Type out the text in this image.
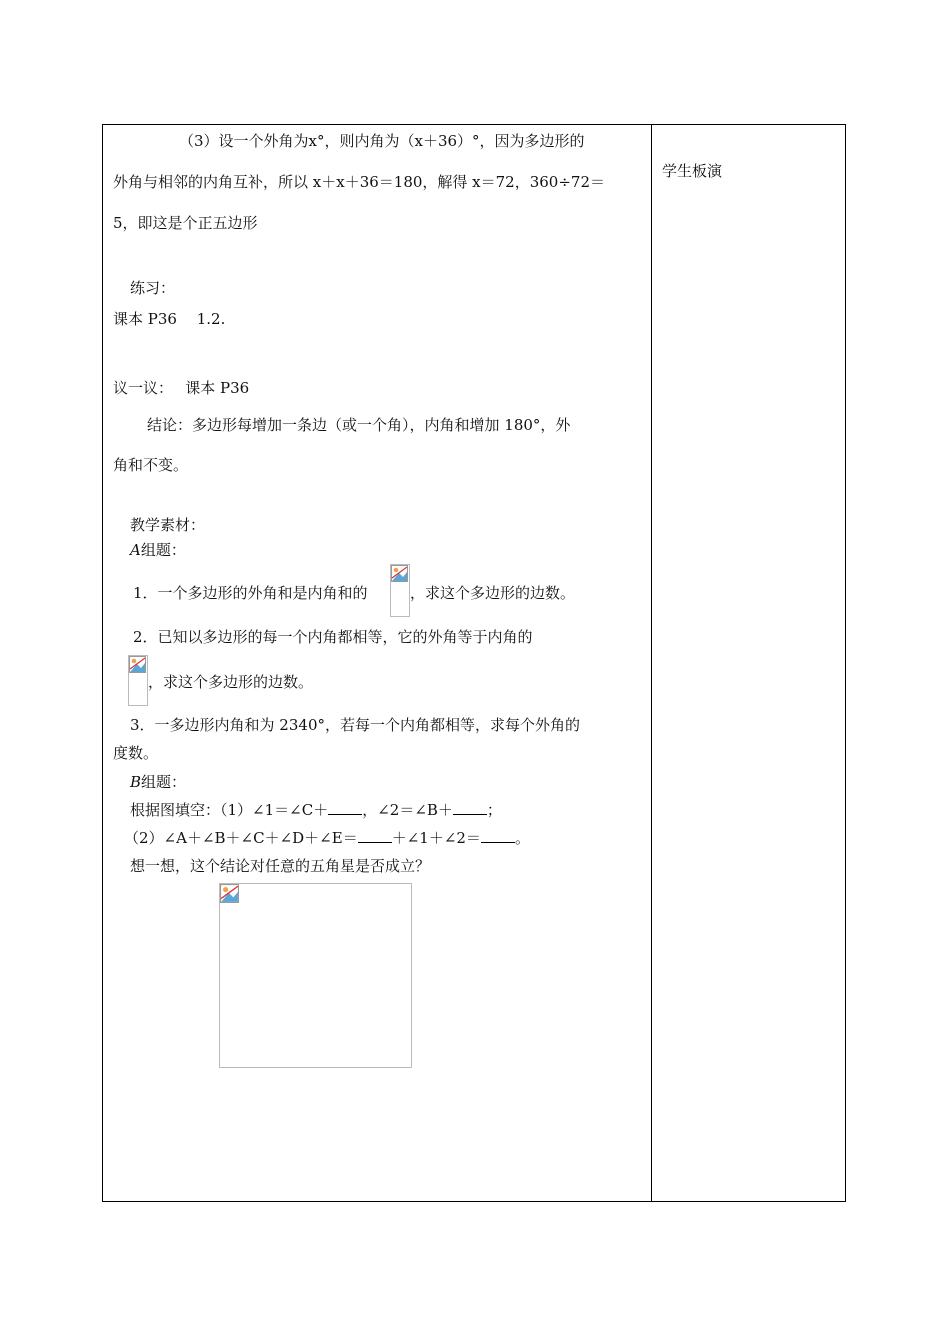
（3）设一个外角为x°，则内角为（x＋36）°，因为多边形的
外角与相邻的内角互补，所以 x＋x＋36＝180，解得 x＝72，360÷72＝
5，即这是个正五边形
练习：
课本 P36　 1.2.
议一议：　 课本 P36
结论：多边形每增加一条边（或一个角），内角和增加 180°，外
角和不变。
教学素材：
A组题：
1．一个多边形的外角和是内角和的	，求这个多边形的边数。
2．已知以多边形的每一个内角都相等，它的外角等于内角的
，求这个多边形的边数。
3．一多边形内角和为 2340°，若每一个内角都相等，求每个外角的
度数。
B组题：
根据图填空：（1）∠1＝∠C＋ ，∠2＝∠B＋ ；
（2）∠A＋∠B＋∠C＋∠D＋∠E＝ ＋∠1＋∠2＝ 。
想一想，这个结论对任意的五角星是否成立？
学生板演
